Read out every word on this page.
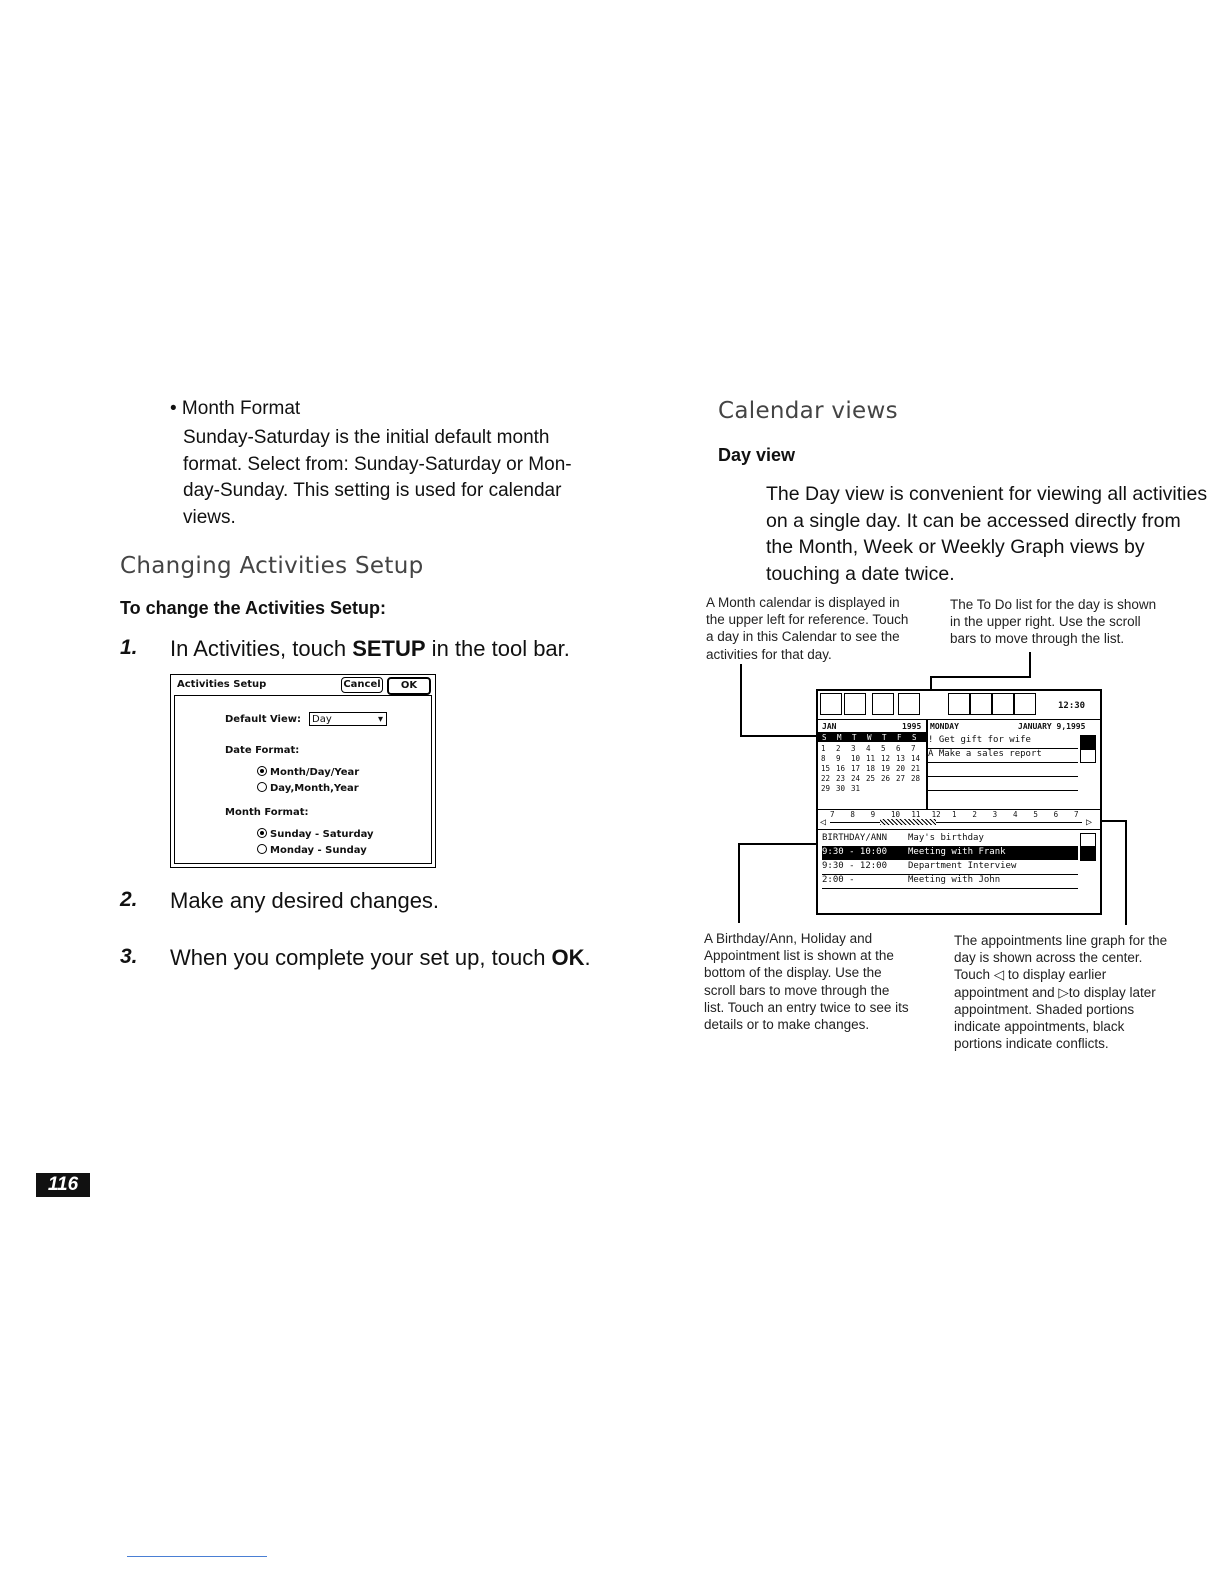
• Month Format
Sunday-Saturday is the initial default month
format. Select from: Sunday-Saturday or Mon-
day-Sunday. This setting is used for calendar
views.
Changing Activities Setup
To change the Activities Setup:
1. In Activities, touch SETUP in the tool bar.
Activities Setup	Cancel	OK
Default View:	Day	▾
Date Format:
Month/Day/Year
Day,Month,Year
Month Format:
Sunday - Saturday
Monday - Sunday
2. Make any desired changes.
3. When you complete your set up, touch OK.
Calendar views
Day view
The Day view is convenient for viewing all activities
on a single day. It can be accessed directly from
the Month, Week or Weekly Graph views by
touching a date twice.
A Month calendar is displayed in
the upper left for reference. Touch
a day in this Calendar to see the
activities for that day.
The To Do list for the day is shown
in the upper right. Use the scroll
bars to move through the list.
12:30
JAN	1995
S M T W T F S
1 2 3 4 5 6 7
8 9 10 11 12 13 14
15 16 17 18 19 20 21
22 23 24 25 26 27 28
29 30 31
MONDAY	JANUARY 9,1995
! Get gift for wife
A Make a sales report
7 8 9 10 11 12 1 2 3 4 5 6 7
◁	▷
BIRTHDAY/ANN May's birthday
9:30 - 10:00 Meeting with Frank
9:30 - 12:00 Department Interview
2:00 -	Meeting with John
A Birthday/Ann, Holiday and
Appointment list is shown at the
bottom of the display. Use the
scroll bars to move through the
list. Touch an entry twice to see its
details or to make changes.
The appointments line graph for the
day is shown across the center.
Touch ◁ to display earlier
appointment and ▷to display later
appointment. Shaded portions
indicate appointments, black
portions indicate conflicts.
116
